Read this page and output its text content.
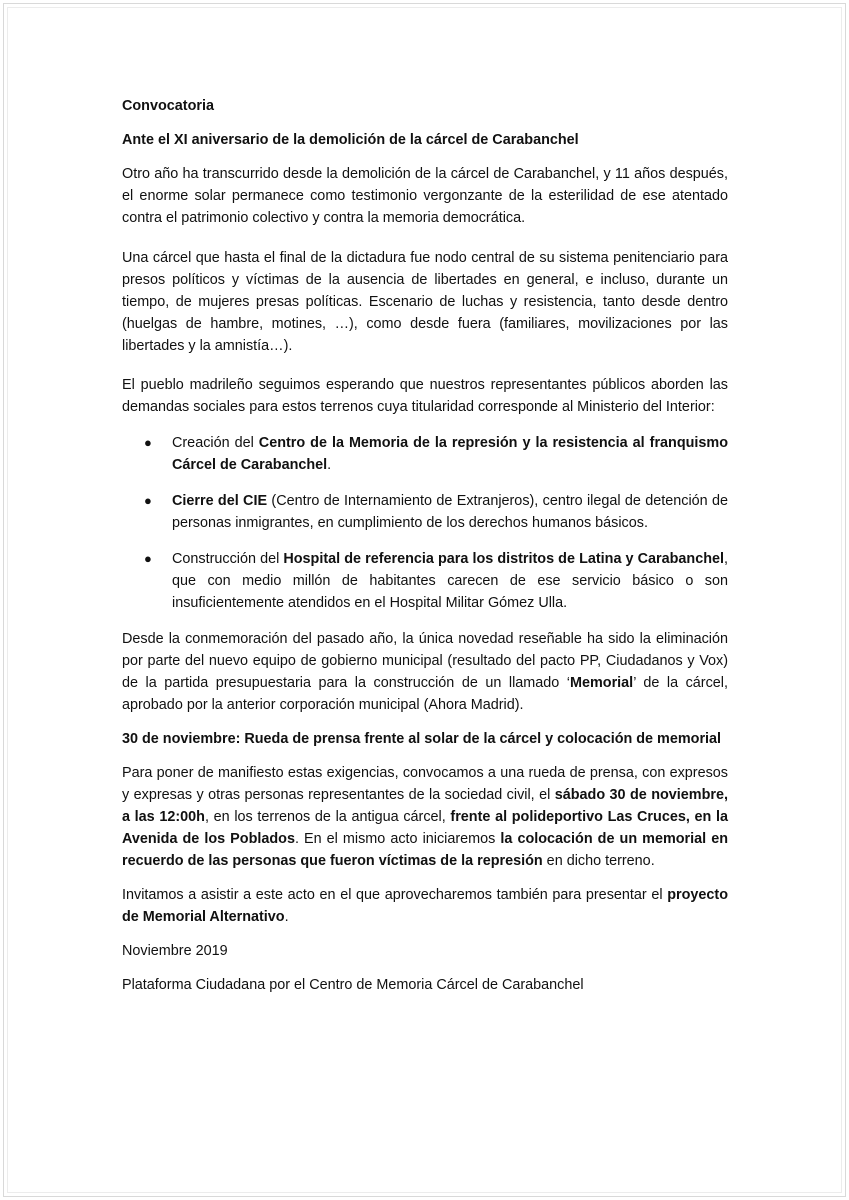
Convocatoria

Ante el XI aniversario de la demolición de la cárcel de Carabanchel

Otro año ha transcurrido desde la demolición de la cárcel de Carabanchel, y 11 años después, el enorme solar permanece como testimonio vergonzante de la esterilidad de ese atentado contra el patrimonio colectivo y contra la memoria democrática.

Una cárcel que hasta el final de la dictadura fue nodo central de su sistema penitenciario para presos políticos y víctimas de la ausencia de libertades en general, e incluso, durante un tiempo, de mujeres presas políticas. Escenario de luchas y resistencia, tanto desde dentro (huelgas de hambre, motines, …), como desde fuera (familiares, movilizaciones por las libertades y la amnistía…).

El pueblo madrileño seguimos esperando que nuestros representantes públicos aborden las demandas sociales para estos terrenos cuya titularidad corresponde al Ministerio del Interior:

● Creación del Centro de la Memoria de la represión y la resistencia al franquismo Cárcel de Carabanchel.
● Cierre del CIE (Centro de Internamiento de Extranjeros), centro ilegal de detención de personas inmigrantes, en cumplimiento de los derechos humanos básicos.
● Construcción del Hospital de referencia para los distritos de Latina y Carabanchel, que con medio millón de habitantes carecen de ese servicio básico o son insuficientemente atendidos en el Hospital Militar Gómez Ulla.

Desde la conmemoración del pasado año, la única novedad reseñable ha sido la eliminación por parte del nuevo equipo de gobierno municipal (resultado del pacto PP, Ciudadanos y Vox) de la partida presupuestaria para la construcción de un llamado ‘Memorial’ de la cárcel, aprobado por la anterior corporación municipal (Ahora Madrid).

30 de noviembre: Rueda de prensa frente al solar de la cárcel y colocación de memorial

Para poner de manifiesto estas exigencias, convocamos a una rueda de prensa, con expresos y expresas y otras personas representantes de la sociedad civil, el sábado 30 de noviembre, a las 12:00h, en los terrenos de la antigua cárcel, frente al polideportivo Las Cruces, en la Avenida de los Poblados. En el mismo acto iniciaremos la colocación de un memorial en recuerdo de las personas que fueron víctimas de la represión en dicho terreno.

Invitamos a asistir a este acto en el que aprovecharemos también para presentar el proyecto de Memorial Alternativo.

Noviembre 2019

Plataforma Ciudadana por el Centro de Memoria Cárcel de Carabanchel
